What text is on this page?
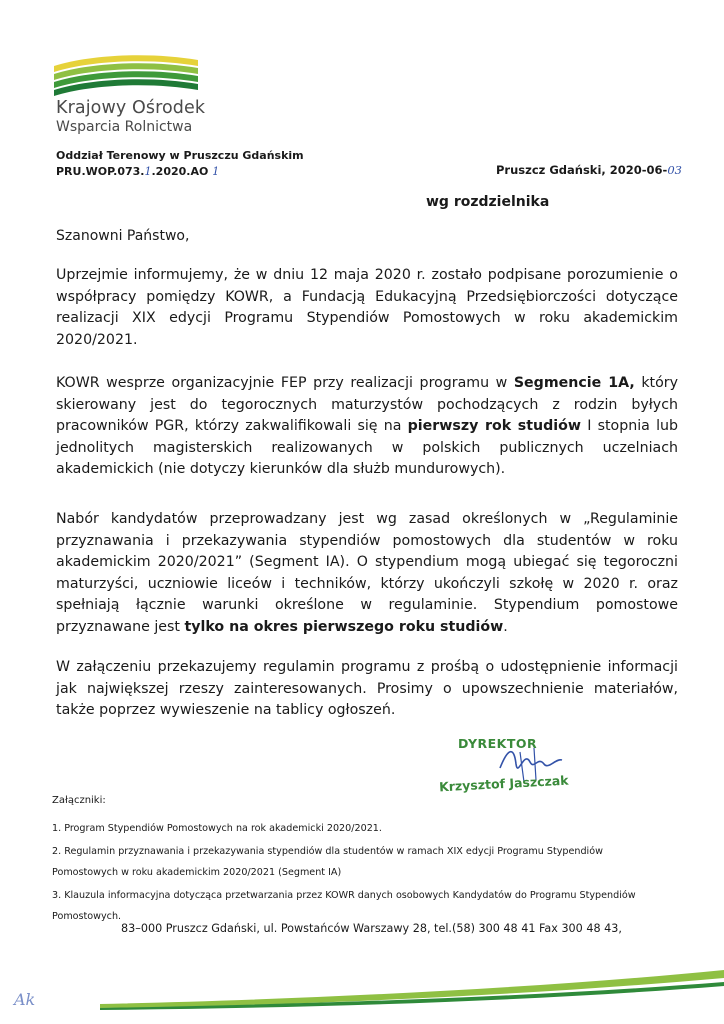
Krajowy Ośrodek
Wsparcia Rolnictwa
Oddział Terenowy w Pruszczu Gdańskim
PRU.WOP.073.1.2020.AO 1	Pruszcz Gdański, 2020-06-03
wg rozdzielnika
Szanowni Państwo,
Uprzejmie informujemy, że w dniu 12 maja 2020 r. zostało podpisane porozumienie o współpracy pomiędzy KOWR, a Fundacją Edukacyjną Przedsiębiorczości dotyczące realizacji XIX edycji Programu Stypendiów Pomostowych w roku akademickim 2020/2021.
KOWR wesprze organizacyjnie FEP przy realizacji programu w Segmencie 1A, który skierowany jest do tegorocznych maturzystów pochodzących z rodzin byłych pracowników PGR, którzy zakwalifikowali się na pierwszy rok studiów I stopnia lub jednolitych magisterskich realizowanych w polskich publicznych uczelniach akademickich (nie dotyczy kierunków dla służb mundurowych).
Nabór kandydatów przeprowadzany jest wg zasad określonych w „Regulaminie przyznawania i przekazywania stypendiów pomostowych dla studentów w roku akademickim 2020/2021” (Segment IA). O stypendium mogą ubiegać się tegoroczni maturzyści, uczniowie liceów i techników, którzy ukończyli szkołę w 2020 r. oraz spełniają łącznie warunki określone w regulaminie. Stypendium pomostowe przyznawane jest tylko na okres pierwszego roku studiów.
W załączeniu przekazujemy regulamin programu z prośbą o udostępnienie informacji jak największej rzeszy zainteresowanych. Prosimy o upowszechnienie materiałów, także poprzez wywieszenie na tablicy ogłoszeń.
DYREKTOR
Krzysztof Jaszczak
Załączniki:
1. Program Stypendiów Pomostowych na rok akademicki 2020/2021.
2. Regulamin przyznawania i przekazywania stypendiów dla studentów w ramach XIX edycji Programu Stypendiów
Pomostowych w roku akademickim 2020/2021 (Segment IA)
3. Klauzula informacyjna dotycząca przetwarzania przez KOWR danych osobowych Kandydatów do Programu Stypendiów
Pomostowych.
83–000 Pruszcz Gdański, ul. Powstańców Warszawy 28, tel.(58) 300 48 41 Fax 300 48 43,
Ak
